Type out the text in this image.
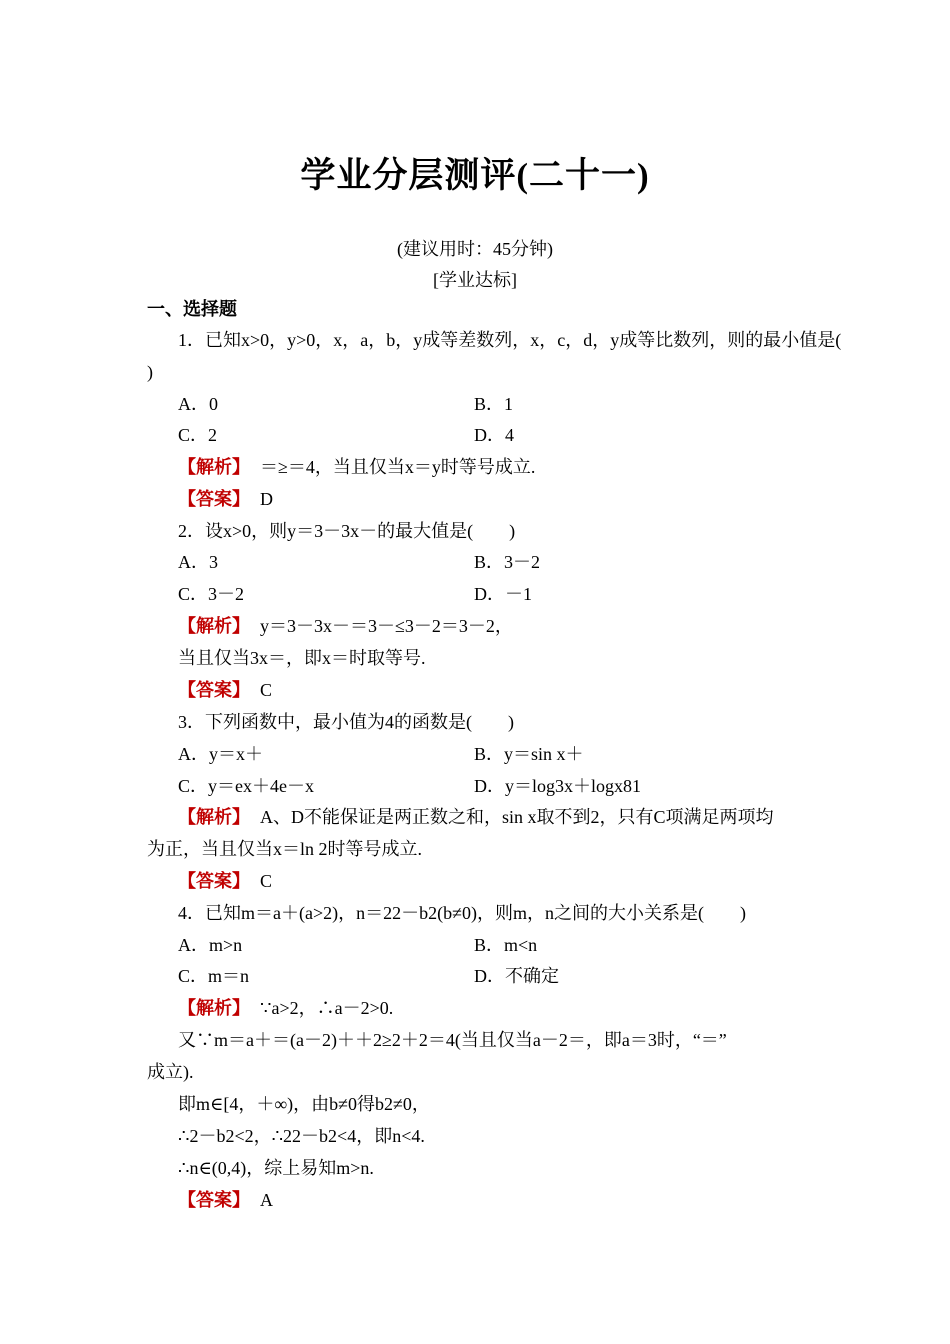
学业分层测评(二十一)
(建议用时：45分钟)
[学业达标]
一、选择题
1．已知x>0，y>0，x，a，b，y成等差数列，x，c，d，y成等比数列，则的最小值是(
)
A．0	B．1
C．2	D．4
【解析】 ＝≥＝4，当且仅当x＝y时等号成立.
【答案】 D
2．设x>0，则y＝3－3x－的最大值是(　　)
A．3	B．3－2
C．3－2	D．－1
【解析】 y＝3－3x－＝3－≤3－2＝3－2，
当且仅当3x＝，即x＝时取等号.
【答案】 C
3．下列函数中，最小值为4的函数是(　　)
A．y＝x＋	B．y＝sin x＋
C．y＝ex＋4e－x	D．y＝log3x＋logx81
【解析】 A、D不能保证是两正数之和，sin x取不到2，只有C项满足两项均
为正，当且仅当x＝ln 2时等号成立.
【答案】 C
4．已知m＝a＋(a>2)，n＝22－b2(b≠0)，则m，n之间的大小关系是(　　)
A．m>n	B．m<n
C．m＝n	D．不确定
【解析】 ∵a>2，∴a－2>0.
又∵m＝a＋＝(a－2)＋＋2≥2＋2＝4(当且仅当a－2＝，即a＝3时，“＝”
成立).
即m∈[4，＋∞)，由b≠0得b2≠0，
∴2－b2<2，∴22－b2<4，即n<4.
∴n∈(0,4)，综上易知m>n.
【答案】 A
